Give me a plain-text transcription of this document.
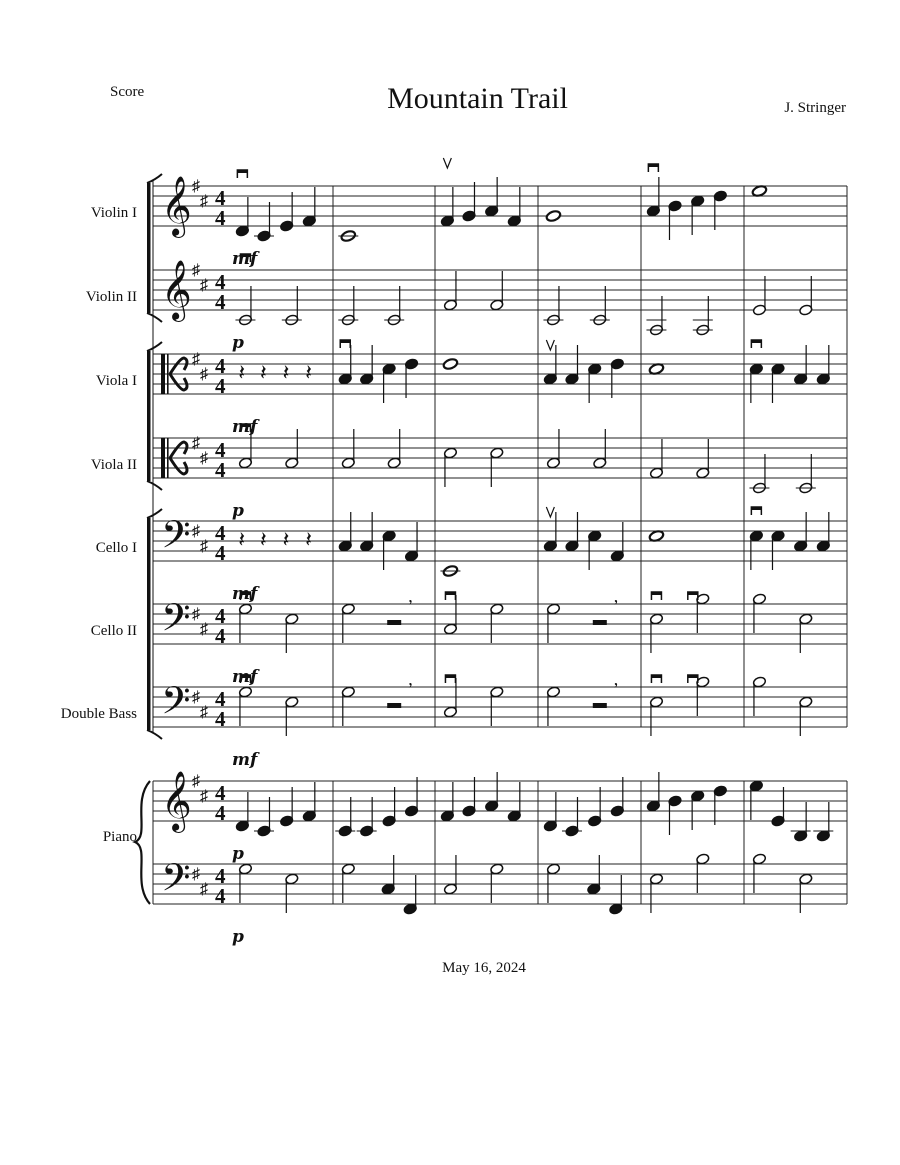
Score	Mountain Trail	J. Stringer
Violin I
Violin II
Viola I
Viola II
Cello I
Cello II
Double Bass
Piano
𝄞
𝄞
𝄢
𝄢
𝄢
𝄞
𝄢
♯
♯
♯
♯
♯
♯
♯
♯
♯
♯
♯
♯
♯
♯
♯
♯
♯
♯
4
4
4
4
4
4
4
4
4
4
4
4
4
4
4
4
4
4
𝄽 𝄽 𝄽 𝄽
𝄽 𝄽 𝄽 𝄽
,	,
,	,
mf
p
mf
p
mf
mf
mf
p
p
May 16, 2024
